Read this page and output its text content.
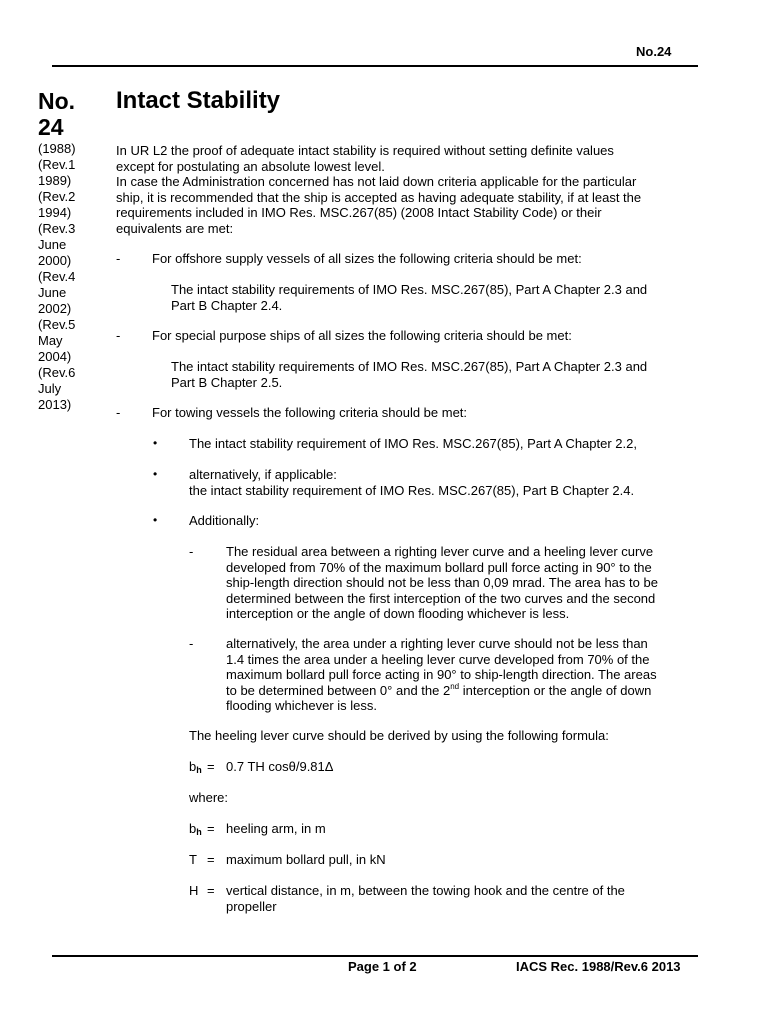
No.24
No. 24
(1988)
(Rev.1
1989)
(Rev.2
1994)
(Rev.3
June
2000)
(Rev.4
June
2002)
(Rev.5
May
2004)
(Rev.6
July
2013)
Intact Stability
In UR L2 the proof of adequate intact stability is required without setting definite values
except for postulating an absolute lowest level.
In case the Administration concerned has not laid down criteria applicable for the particular
ship, it is recommended that the ship is accepted as having adequate stability, if at least the
requirements included in IMO Res. MSC.267(85) (2008 Intact Stability Code) or their
equivalents are met:
- For offshore supply vessels of all sizes the following criteria should be met:
The intact stability requirements of IMO Res. MSC.267(85), Part A Chapter 2.3 and
Part B Chapter 2.4.
- For special purpose ships of all sizes the following criteria should be met:
The intact stability requirements of IMO Res. MSC.267(85), Part A Chapter 2.3 and
Part B Chapter 2.5.
- For towing vessels the following criteria should be met:
• The intact stability requirement of IMO Res. MSC.267(85), Part A Chapter 2.2,
• alternatively, if applicable:
the intact stability requirement of IMO Res. MSC.267(85), Part B Chapter 2.4.
• Additionally:
-	The residual area between a righting lever curve and a heeling lever curve
developed from 70% of the maximum bollard pull force acting in 90° to the
ship-length direction should not be less than 0,09 mrad. The area has to be
determined between the first interception of the two curves and the second
interception or the angle of down flooding whichever is less.
-	alternatively, the area under a righting lever curve should not be less than
1.4 times the area under a heeling lever curve developed from 70% of the
maximum bollard pull force acting in 90° to ship-length direction. The areas
to be determined between 0° and the 2nd interception or the angle of down
flooding whichever is less.
The heeling lever curve should be derived by using the following formula:
$b_h = 0.7$ TH cosθ/9.81Δ
where:
$b_h$ = heeling arm, in m
T = maximum bollard pull, in kN
H = vertical distance, in m, between the towing hook and the centre of the
propeller
Page 1 of 2	IACS Rec. 1988/Rev.6 2013
